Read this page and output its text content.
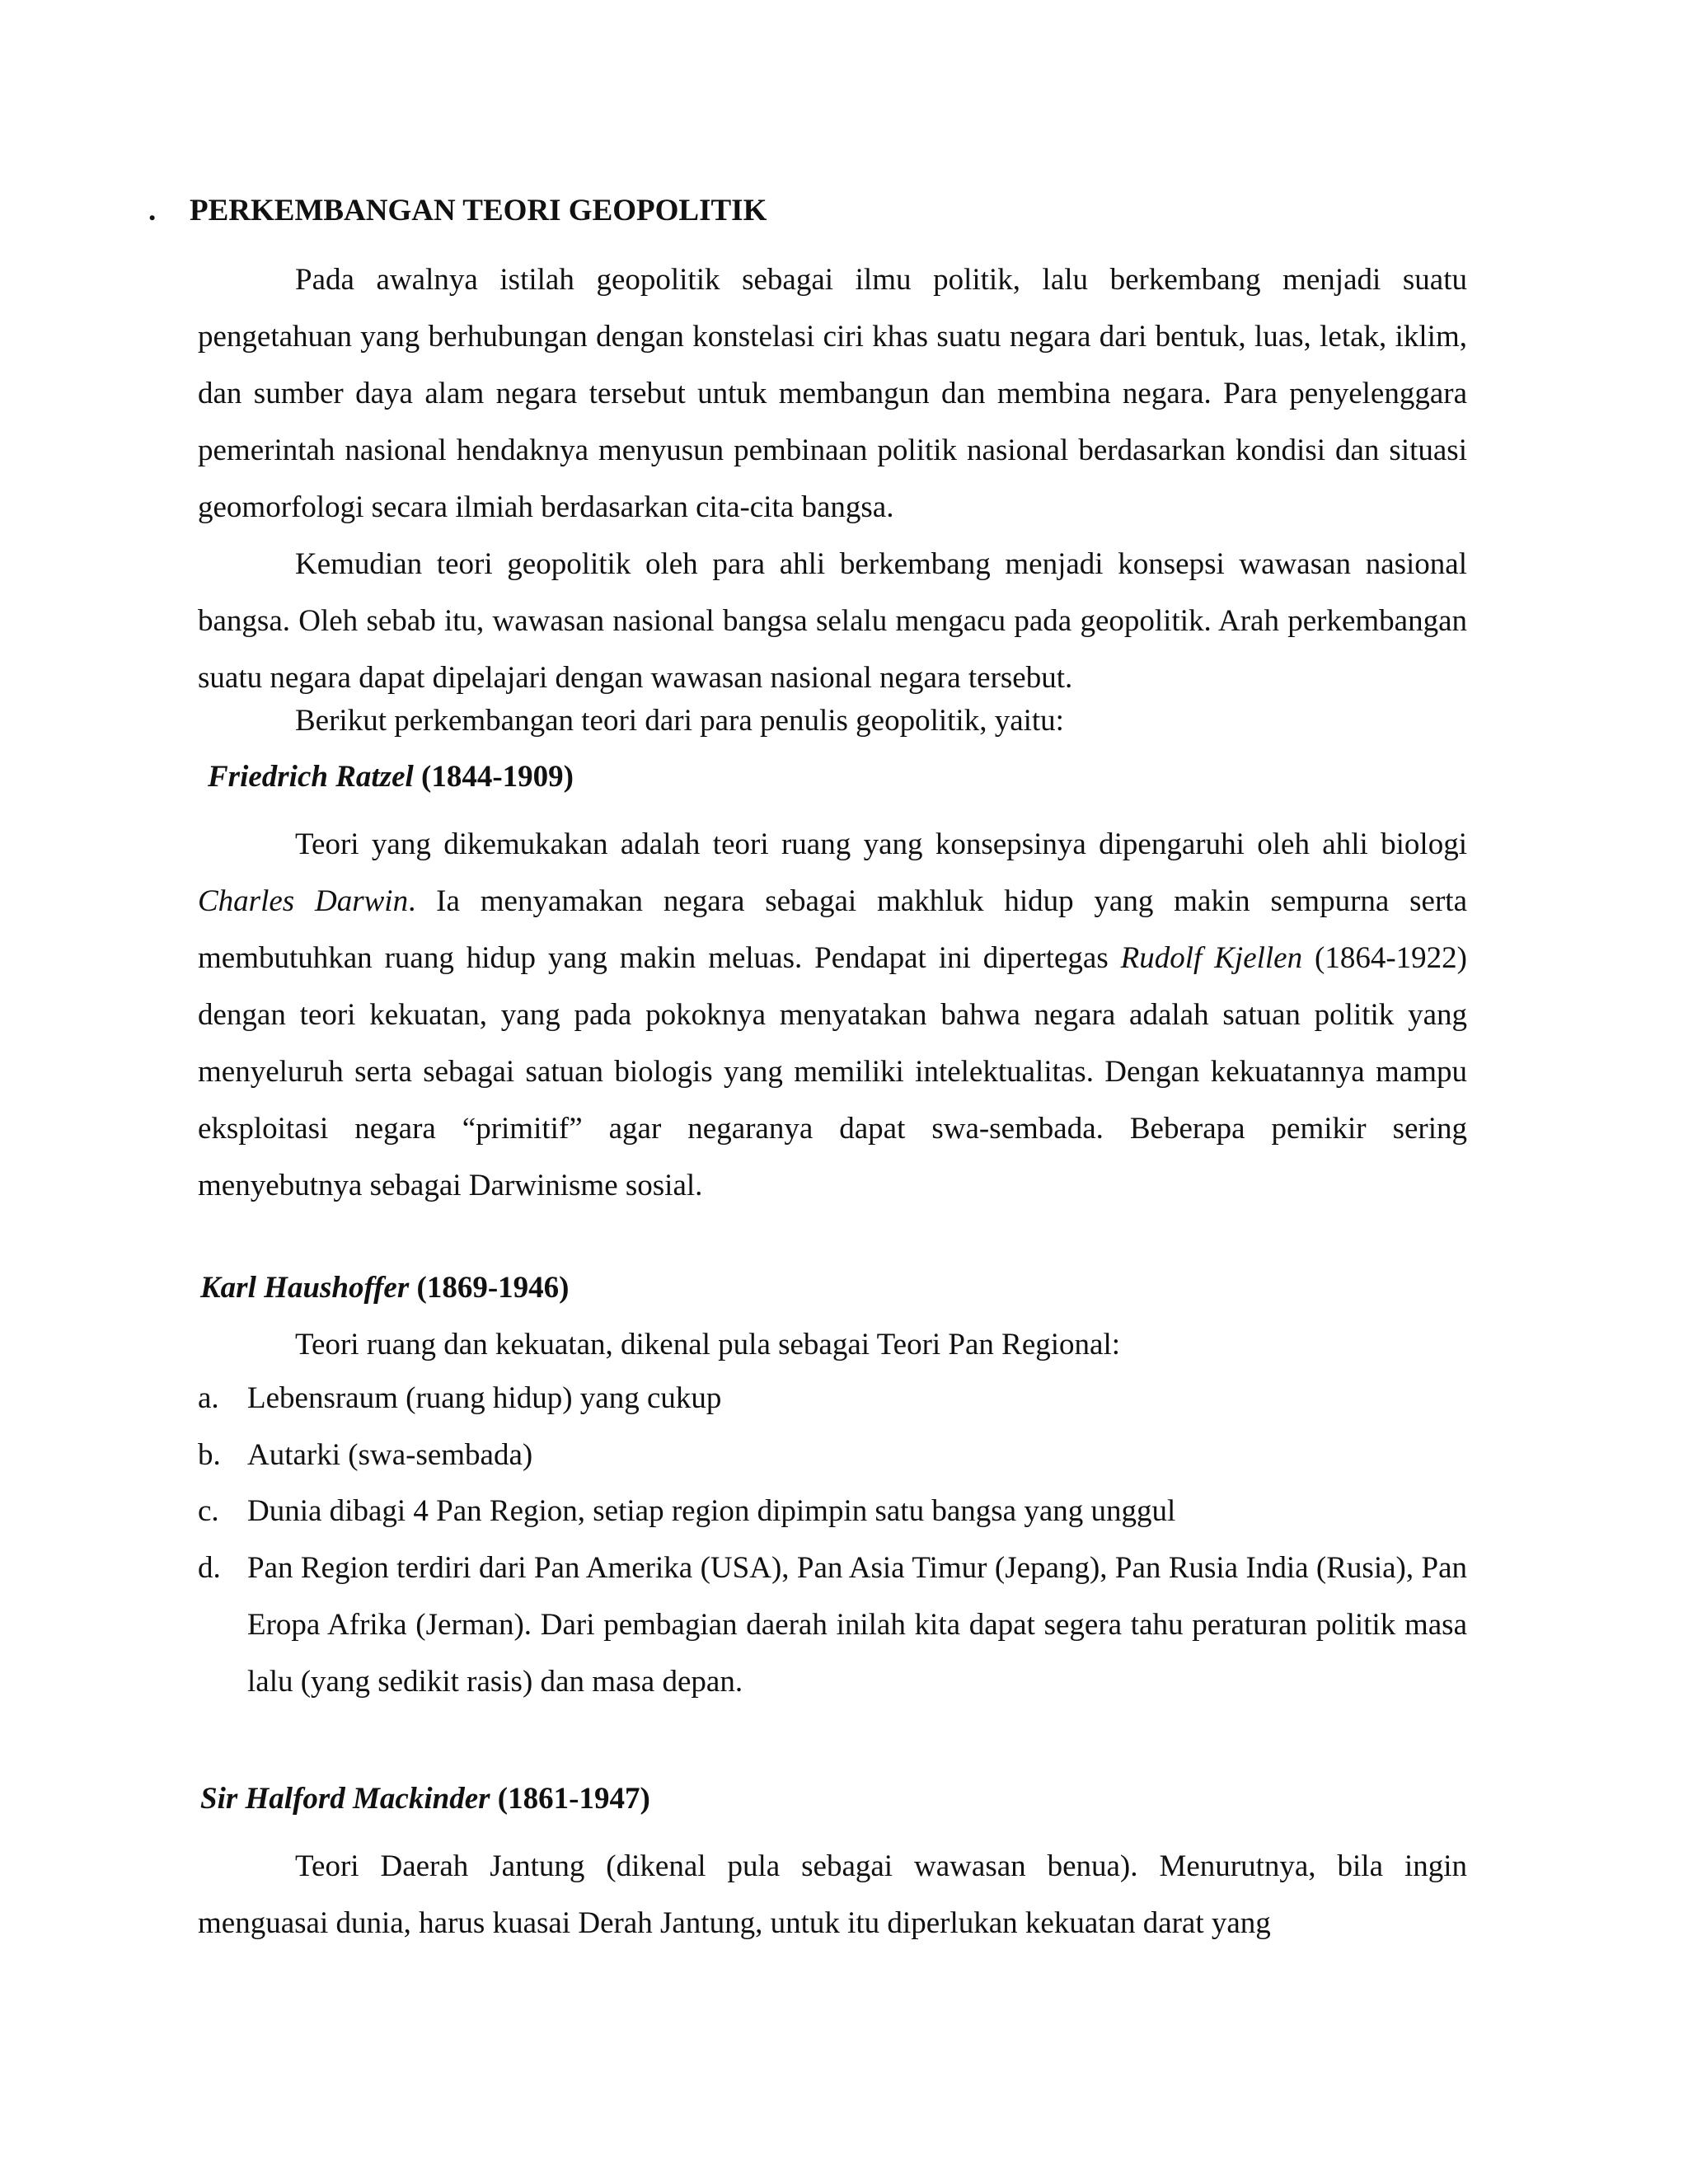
. PERKEMBANGAN TEORI GEOPOLITIK

Pada awalnya istilah geopolitik sebagai ilmu politik, lalu berkembang menjadi suatu pengetahuan yang berhubungan dengan konstelasi ciri khas suatu negara dari bentuk, luas, letak, iklim, dan sumber daya alam negara tersebut untuk membangun dan membina negara. Para penyelenggara pemerintah nasional hendaknya menyusun pembinaan politik nasional berdasarkan kondisi dan situasi geomorfologi secara ilmiah berdasarkan cita-cita bangsa.

Kemudian teori geopolitik oleh para ahli berkembang menjadi konsepsi wawasan nasional bangsa. Oleh sebab itu, wawasan nasional bangsa selalu mengacu pada geopolitik. Arah perkembangan suatu negara dapat dipelajari dengan wawasan nasional negara tersebut.

Berikut perkembangan teori dari para penulis geopolitik, yaitu:
Friedrich Ratzel (1844-1909)

Teori yang dikemukakan adalah teori ruang yang konsepsinya dipengaruhi oleh ahli biologi Charles Darwin. Ia menyamakan negara sebagai makhluk hidup yang makin sempurna serta membutuhkan ruang hidup yang makin meluas. Pendapat ini dipertegas Rudolf Kjellen (1864-1922) dengan teori kekuatan, yang pada pokoknya menyatakan bahwa negara adalah satuan politik yang menyeluruh serta sebagai satuan biologis yang memiliki intelektualitas. Dengan kekuatannya mampu eksploitasi negara “primitif” agar negaranya dapat swa-sembada. Beberapa pemikir sering menyebutnya sebagai Darwinisme sosial.

Karl Haushoffer (1869-1946)
Teori ruang dan kekuatan, dikenal pula sebagai Teori Pan Regional:
a. Lebensraum (ruang hidup) yang cukup
b. Autarki (swa-sembada)
c. Dunia dibagi 4 Pan Region, setiap region dipimpin satu bangsa yang unggul
d. Pan Region terdiri dari Pan Amerika (USA), Pan Asia Timur (Jepang), Pan Rusia India (Rusia), Pan Eropa Afrika (Jerman). Dari pembagian daerah inilah kita dapat segera tahu peraturan politik masa lalu (yang sedikit rasis) dan masa depan.
Sir Halford Mackinder (1861-1947)

Teori Daerah Jantung (dikenal pula sebagai wawasan benua). Menurutnya, bila ingin menguasai dunia, harus kuasai Derah Jantung, untuk itu diperlukan kekuatan darat yang
